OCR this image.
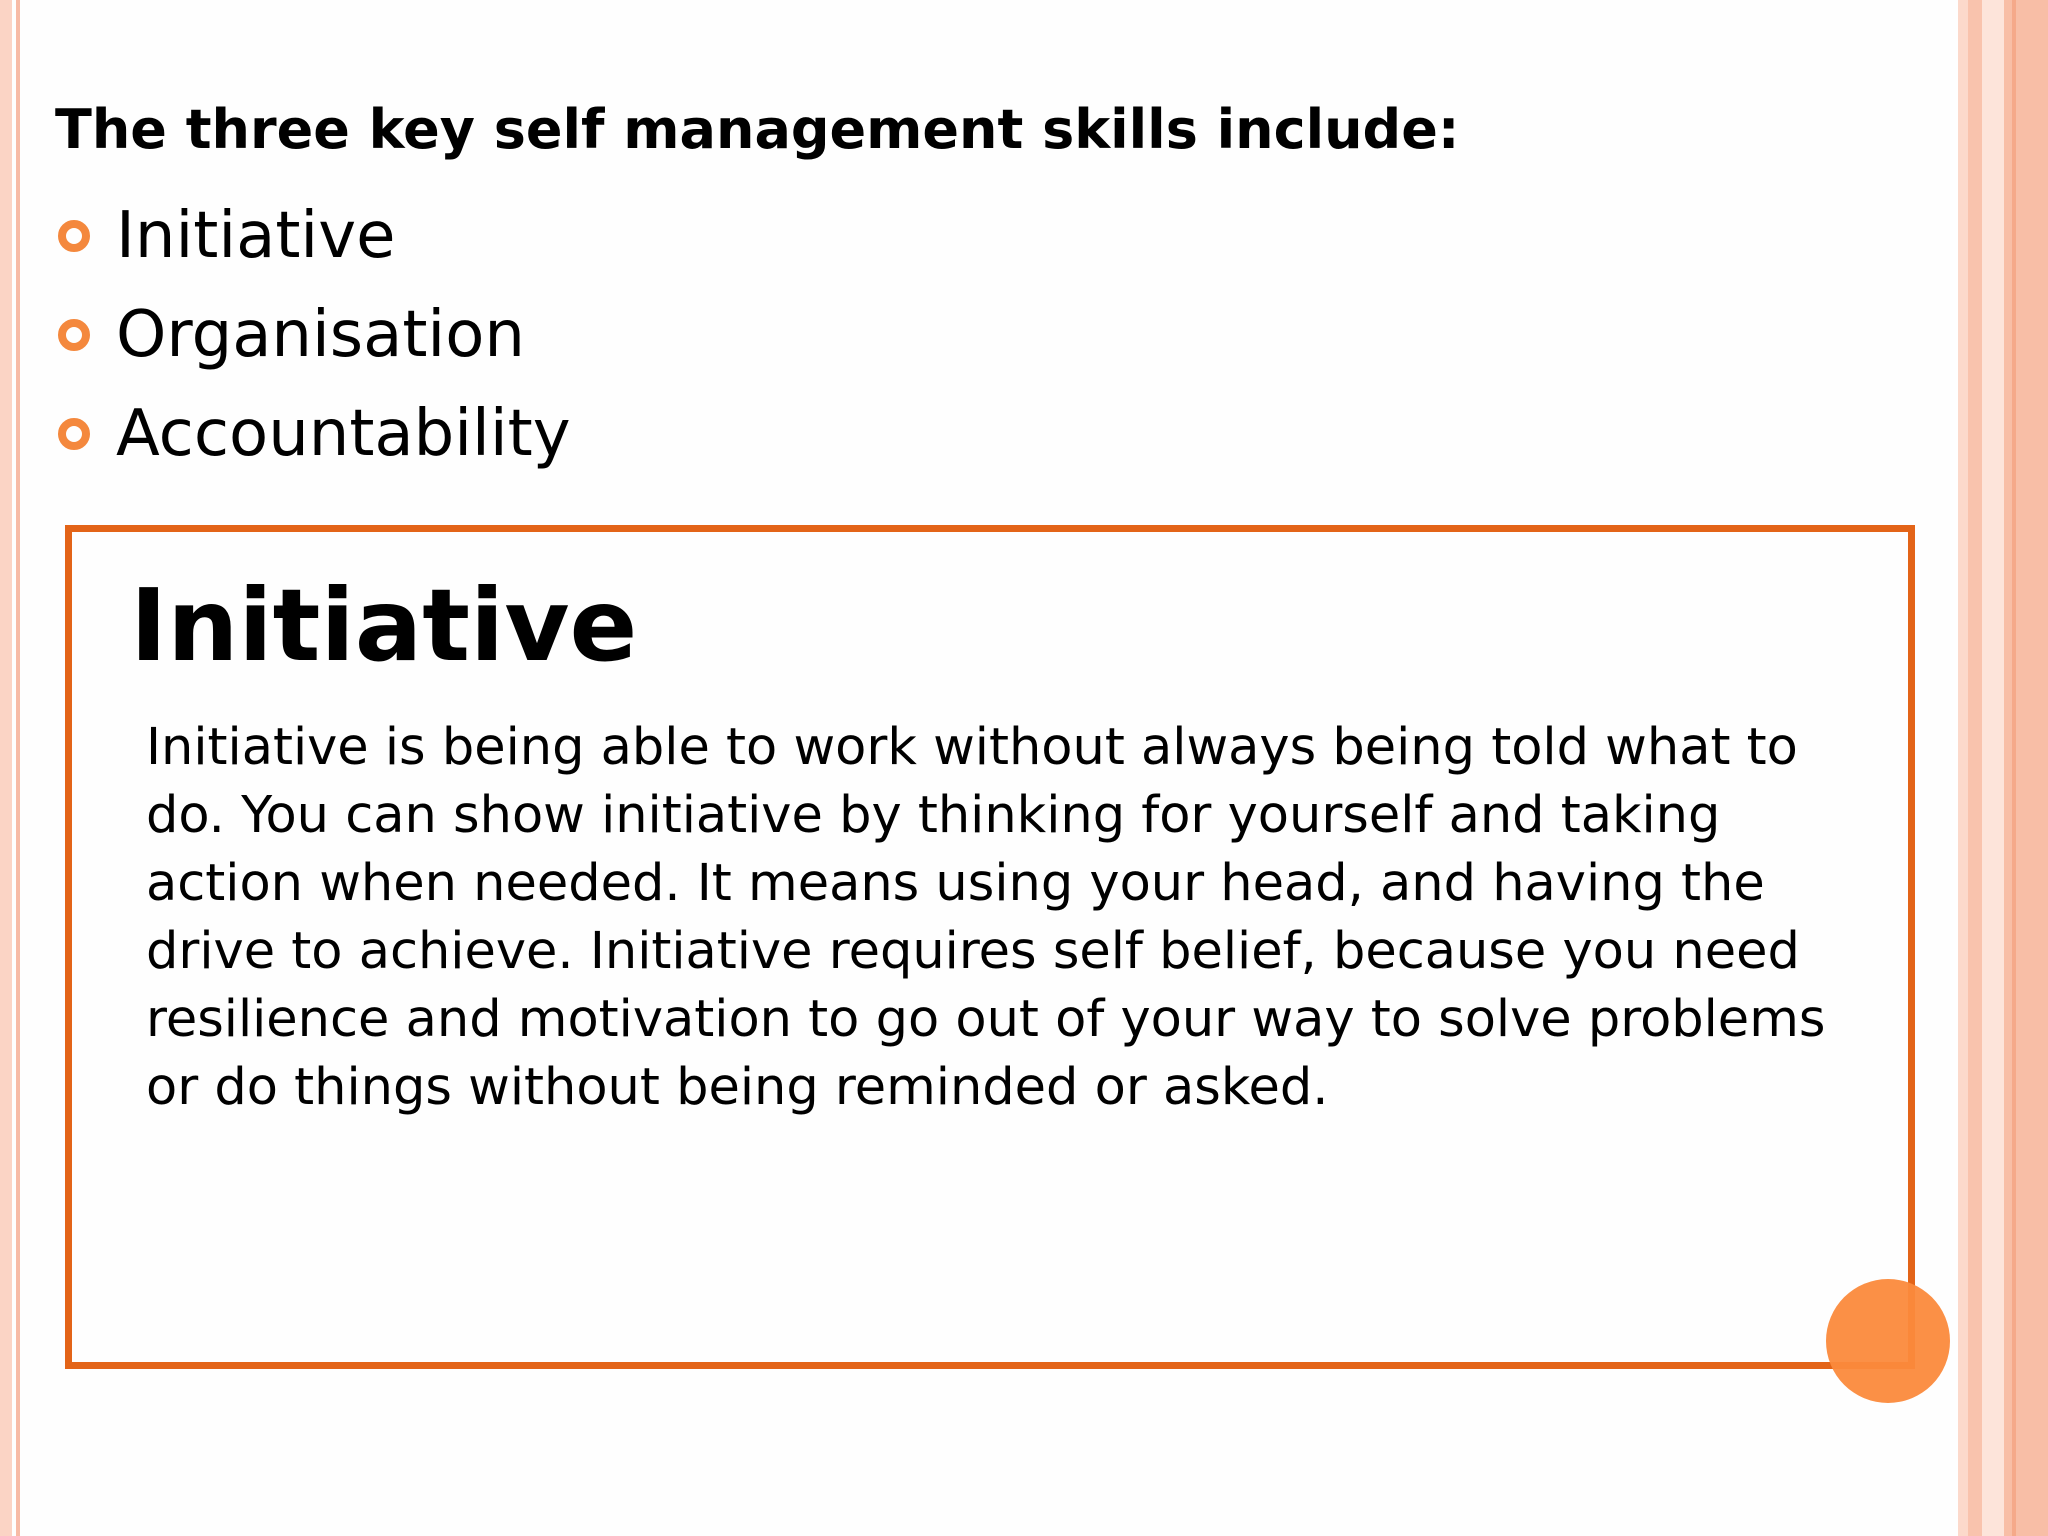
The three key self management skills include:
Initiative
Organisation
Accountability
Initiative

Initiative is being able to work without always being told what to do. You can show initiative by thinking for yourself and taking action when needed. It means using your head, and having the drive to achieve. Initiative requires self belief, because you need resilience and motivation to go out of your way to solve problems or do things without being reminded or asked.
